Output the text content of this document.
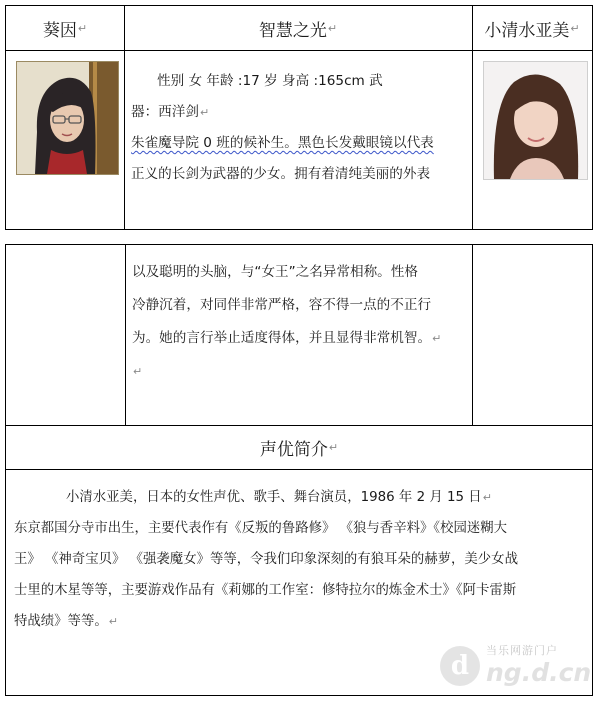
葵因 ↵	智慧之光 ↵	小清水亚美 ↵

性别 女 年龄 :17 岁 身高 :165cm 武

器：西洋剑↵

朱雀魔导院 0 班的候补生。黑色长发戴眼镜以代表

正义的长剑为武器的少女。拥有着清纯美丽的外表

以及聪明的头脑，与“女王”之名异常相称。性格

冷静沉着，对同伴非常严格，容不得一点的不正行

为。她的言行举止适度得体，并且显得非常机智。↵

↵

声优简介 ↵

小清水亚美，日本的女性声优、歌手、舞台演员，1986 年 2 月 15 日↵

东京都国分寺市出生，主要代表作有《反叛的鲁路修》 《狼与香辛料》《校园迷糊大

王》 《神奇宝贝》 《强袭魔女》等等，令我们印象深刻的有狼耳朵的赫萝，美少女战

士里的木星等等，主要游戏作品有《莉娜的工作室：修特拉尔的炼金术士》《阿卡雷斯

特战绩》等等。↵

d
当乐网游门户
ng.d.cn
